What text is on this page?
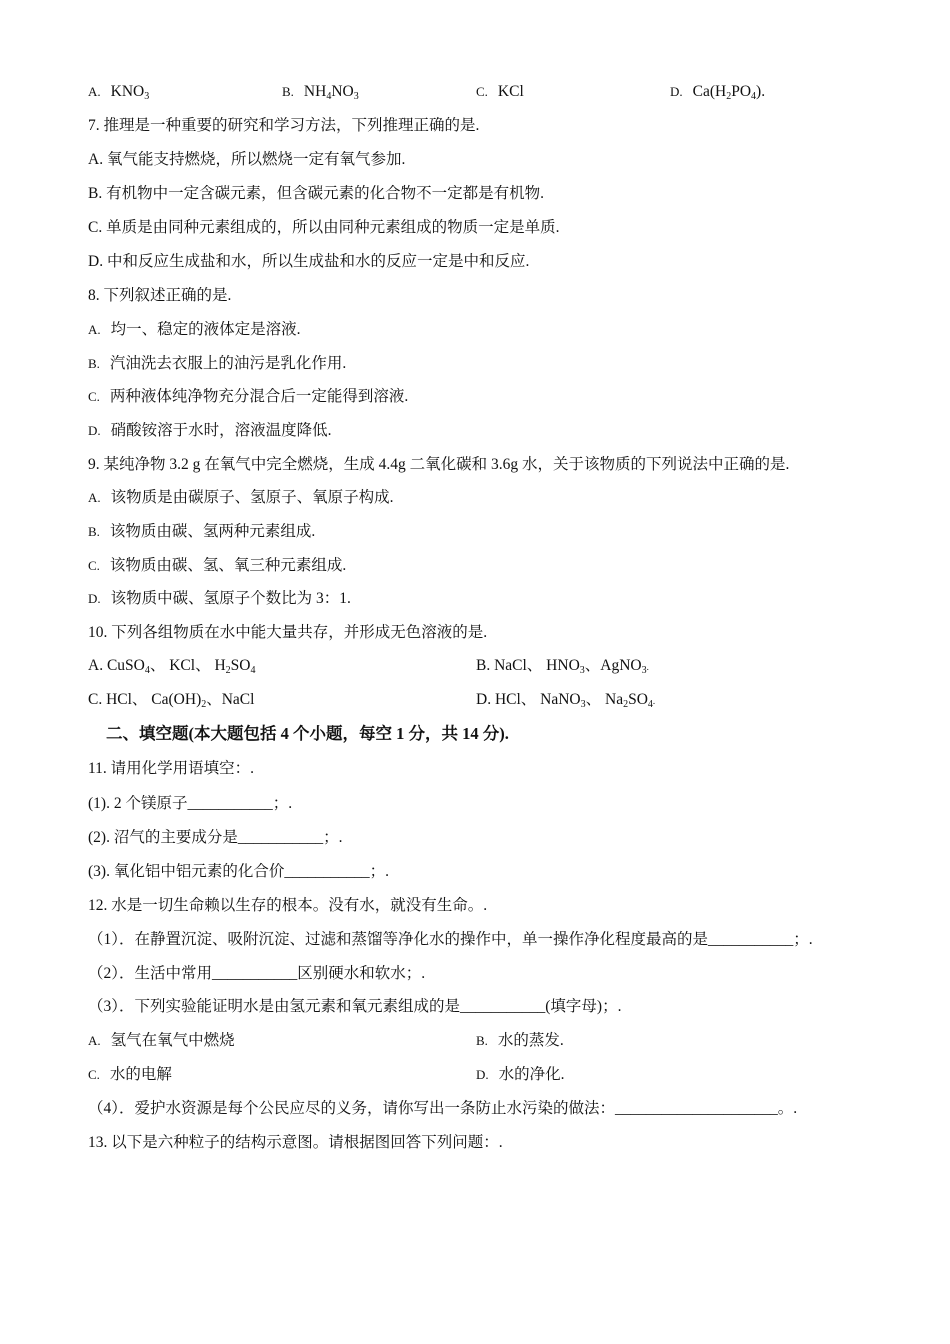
A. $KNO_3$	B. $NH_4NO_3$	C. KCl	D. $Ca(H_2PO_4)$.
7. 推理是一种重要的研究和学习方法，下列推理正确的是.
A. 氧气能支持燃烧，所以燃烧一定有氧气参加.
B. 有机物中一定含碳元素，但含碳元素的化合物不一定都是有机物.
C. 单质是由同种元素组成的，所以由同种元素组成的物质一定是单质.
D. 中和反应生成盐和水，所以生成盐和水的反应一定是中和反应.
8. 下列叙述正确的是.
A. 均一、稳定的液体定是溶液.
B. 汽油洗去衣服上的油污是乳化作用.
C. 两种液体纯净物充分混合后一定能得到溶液.
D. 硝酸铵溶于水时，溶液温度降低.
9. 某纯净物 3.2 g 在氧气中完全燃烧，生成 4.4g 二氧化碳和 3.6g 水，关于该物质的下列说法中正确的是.
A. 该物质是由碳原子、氢原子、氧原子构成.
B. 该物质由碳、氢两种元素组成.
C. 该物质由碳、氢、氧三种元素组成.
D. 该物质中碳、氢原子个数比为 3：1.
10. 下列各组物质在水中能大量共存，并形成无色溶液的是.
A. CuSO$_4$、 KCl、 $H_2SO_4$	B. NaCl、 $HNO_3$、AgNO$_3$.
C. HCl、 $Ca(OH)_2$、NaCl	D. HCl、 NaNO$_3$、 $Na_2SO_4$.
二、填空题(本大题包括 4 个小题，每空 1 分，共 14 分).
11. 请用化学用语填空：.
(1). 2 个镁原子___________；.
(2). 沼气的主要成分是___________；.
(3). 氧化铝中铝元素的化合价___________；.
12. 水是一切生命赖以生存的根本。没有水，就没有生命。.
（1）．在静置沉淀、吸附沉淀、过滤和蒸馏等净化水的操作中，单一操作净化程度最高的是___________；.
（2）．生活中常用___________区别硬水和软水；.
（3）．下列实验能证明水是由氢元素和氧元素组成的是___________(填字母)；.
A. 氢气在氧气中燃烧	B. 水的蒸发.
C. 水的电解	D. 水的净化.
（4）．爱护水资源是每个公民应尽的义务，请你写出一条防止水污染的做法：_____________________。.
13. 以下是六种粒子的结构示意图。请根据图回答下列问题：.
